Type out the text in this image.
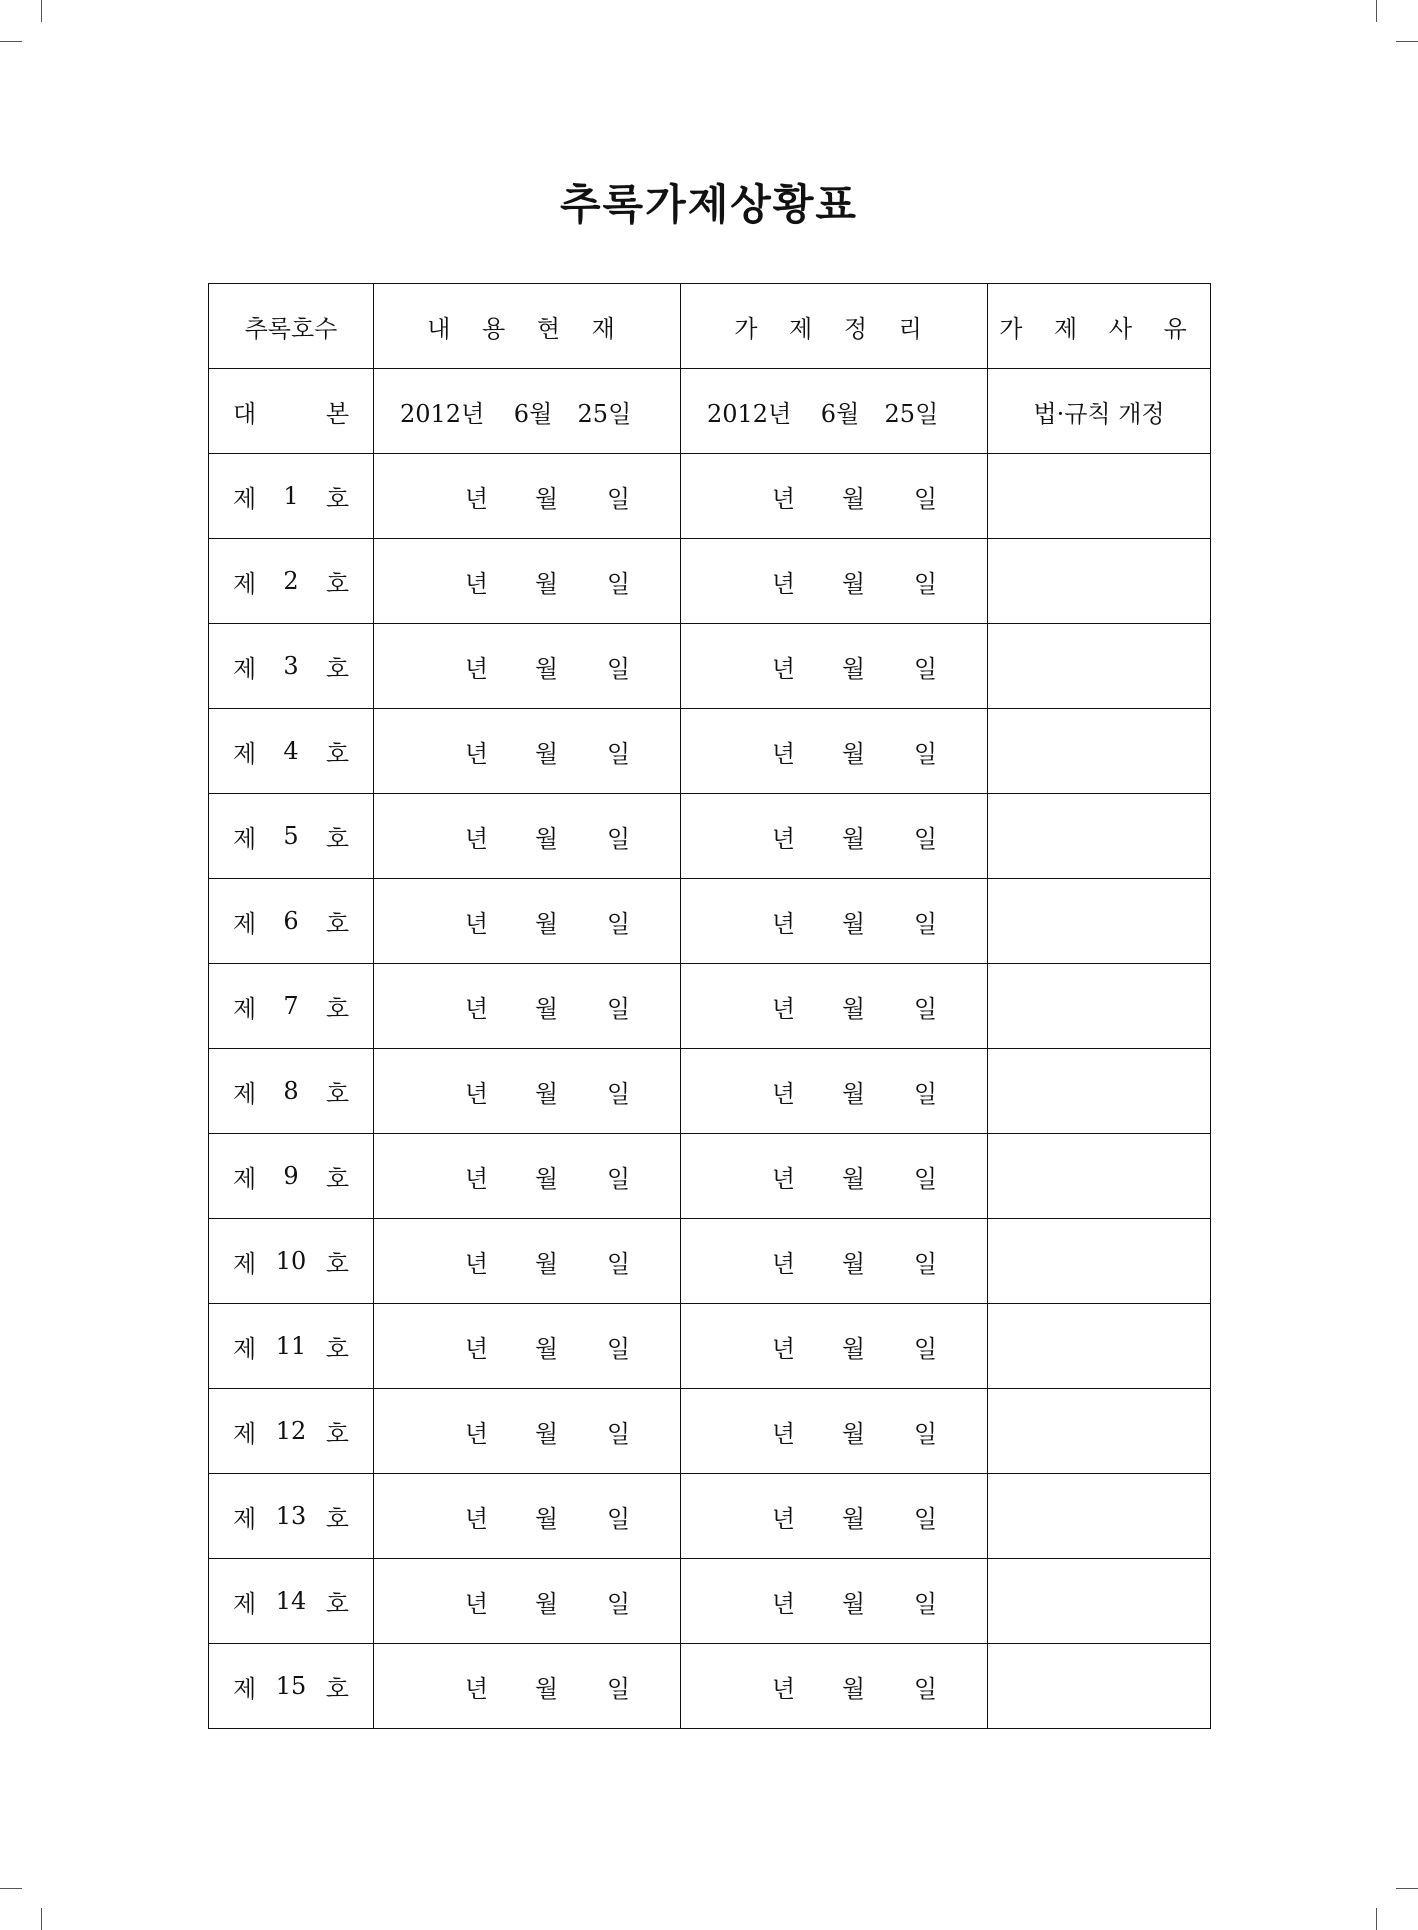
추록가제상황표
추록호수	내 용 현 재	가 제 정 리	가 제 사 유

대 본	2012년 6월 25일	2012년 6월 25일	법·규칙 개정

제 1 호	년 월 일	년 월 일	

제 2 호	년 월 일	년 월 일	

제 3 호	년 월 일	년 월 일	

제 4 호	년 월 일	년 월 일	

제 5 호	년 월 일	년 월 일	

제 6 호	년 월 일	년 월 일	

제 7 호	년 월 일	년 월 일	

제 8 호	년 월 일	년 월 일	

제 9 호	년 월 일	년 월 일	

제 10 호	년 월 일	년 월 일	

제 11 호	년 월 일	년 월 일	

제 12 호	년 월 일	년 월 일	

제 13 호	년 월 일	년 월 일	

제 14 호	년 월 일	년 월 일	

제 15 호	년 월 일	년 월 일	
